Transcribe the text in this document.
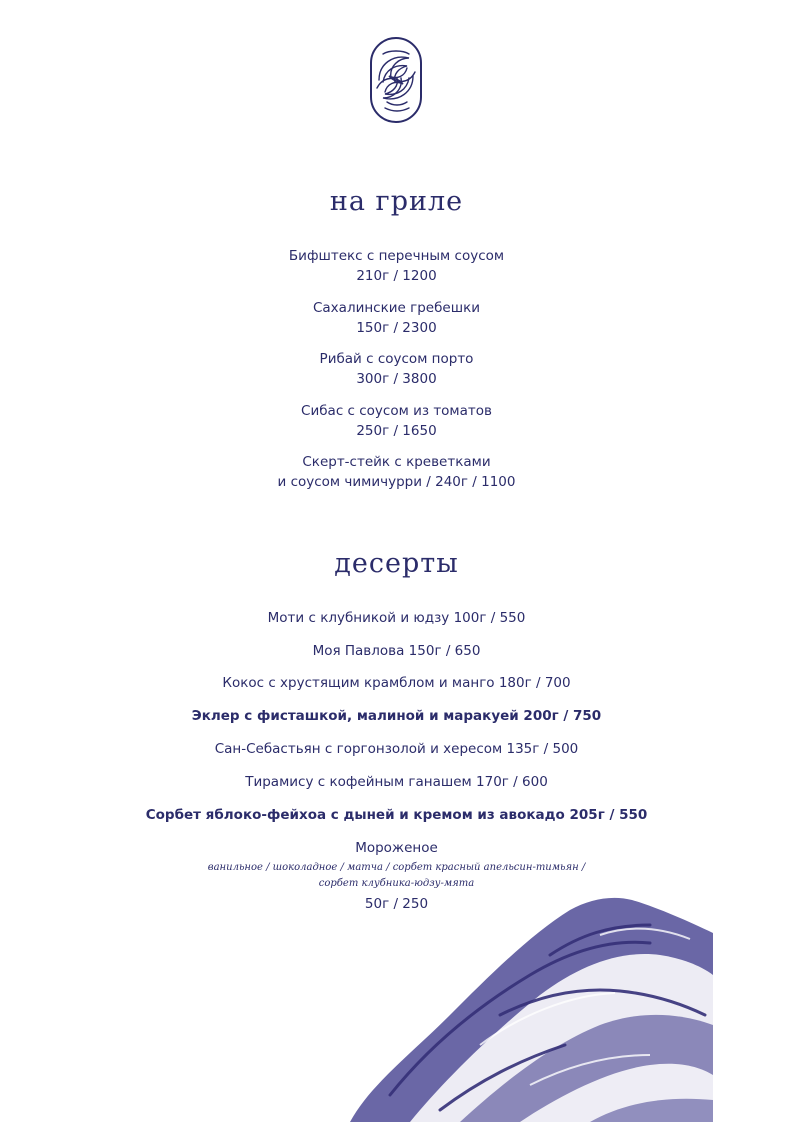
на гриле
Бифштекс с перечным соусом
210г / 1200
Сахалинские гребешки
150г / 2300
Рибай с соусом порто
300г / 3800
Сибас с соусом из томатов
250г / 1650
Скерт-стейк с креветками
и соусом чимичурри / 240г / 1100
десерты
Моти с клубникой и юдзу 100г / 550
Моя Павлова 150г / 650
Кокос с хрустящим крамблом и манго 180г / 700
Эклер с фисташкой, малиной и маракуей 200г / 750
Сан-Себастьян с горгонзолой и хересом 135г / 500
Тирамису с кофейным ганашем 170г / 600
Сорбет яблоко-фейхоа с дыней и кремом из авокадо 205г / 550
Мороженое
ванильное / шоколадное / матча / сорбет красный апельсин-тимьян /
сорбет клубника-юдзу-мята
50г / 250
